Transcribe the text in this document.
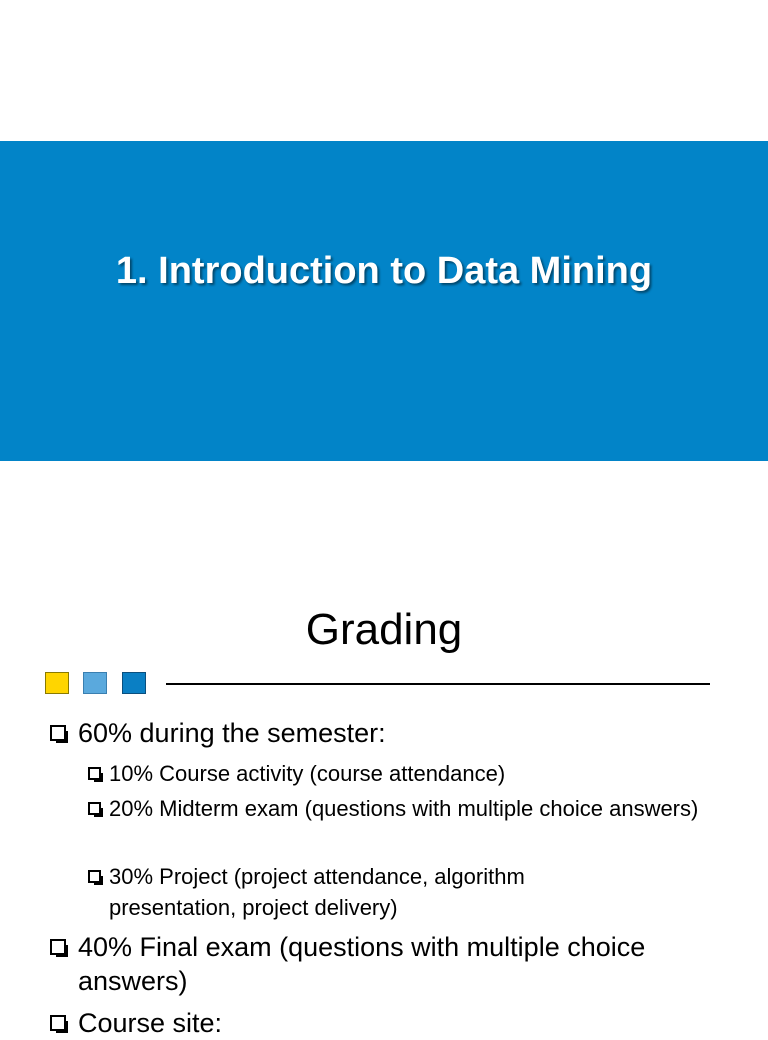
1. Introduction to Data Mining
Grading
60% during the semester:
10% Course activity (course attendance)
20% Midterm exam (questions with multiple choice answers)
30% Project (project attendance, algorithm presentation, project delivery)
40% Final exam (questions with multiple choice answers)
Course site:
